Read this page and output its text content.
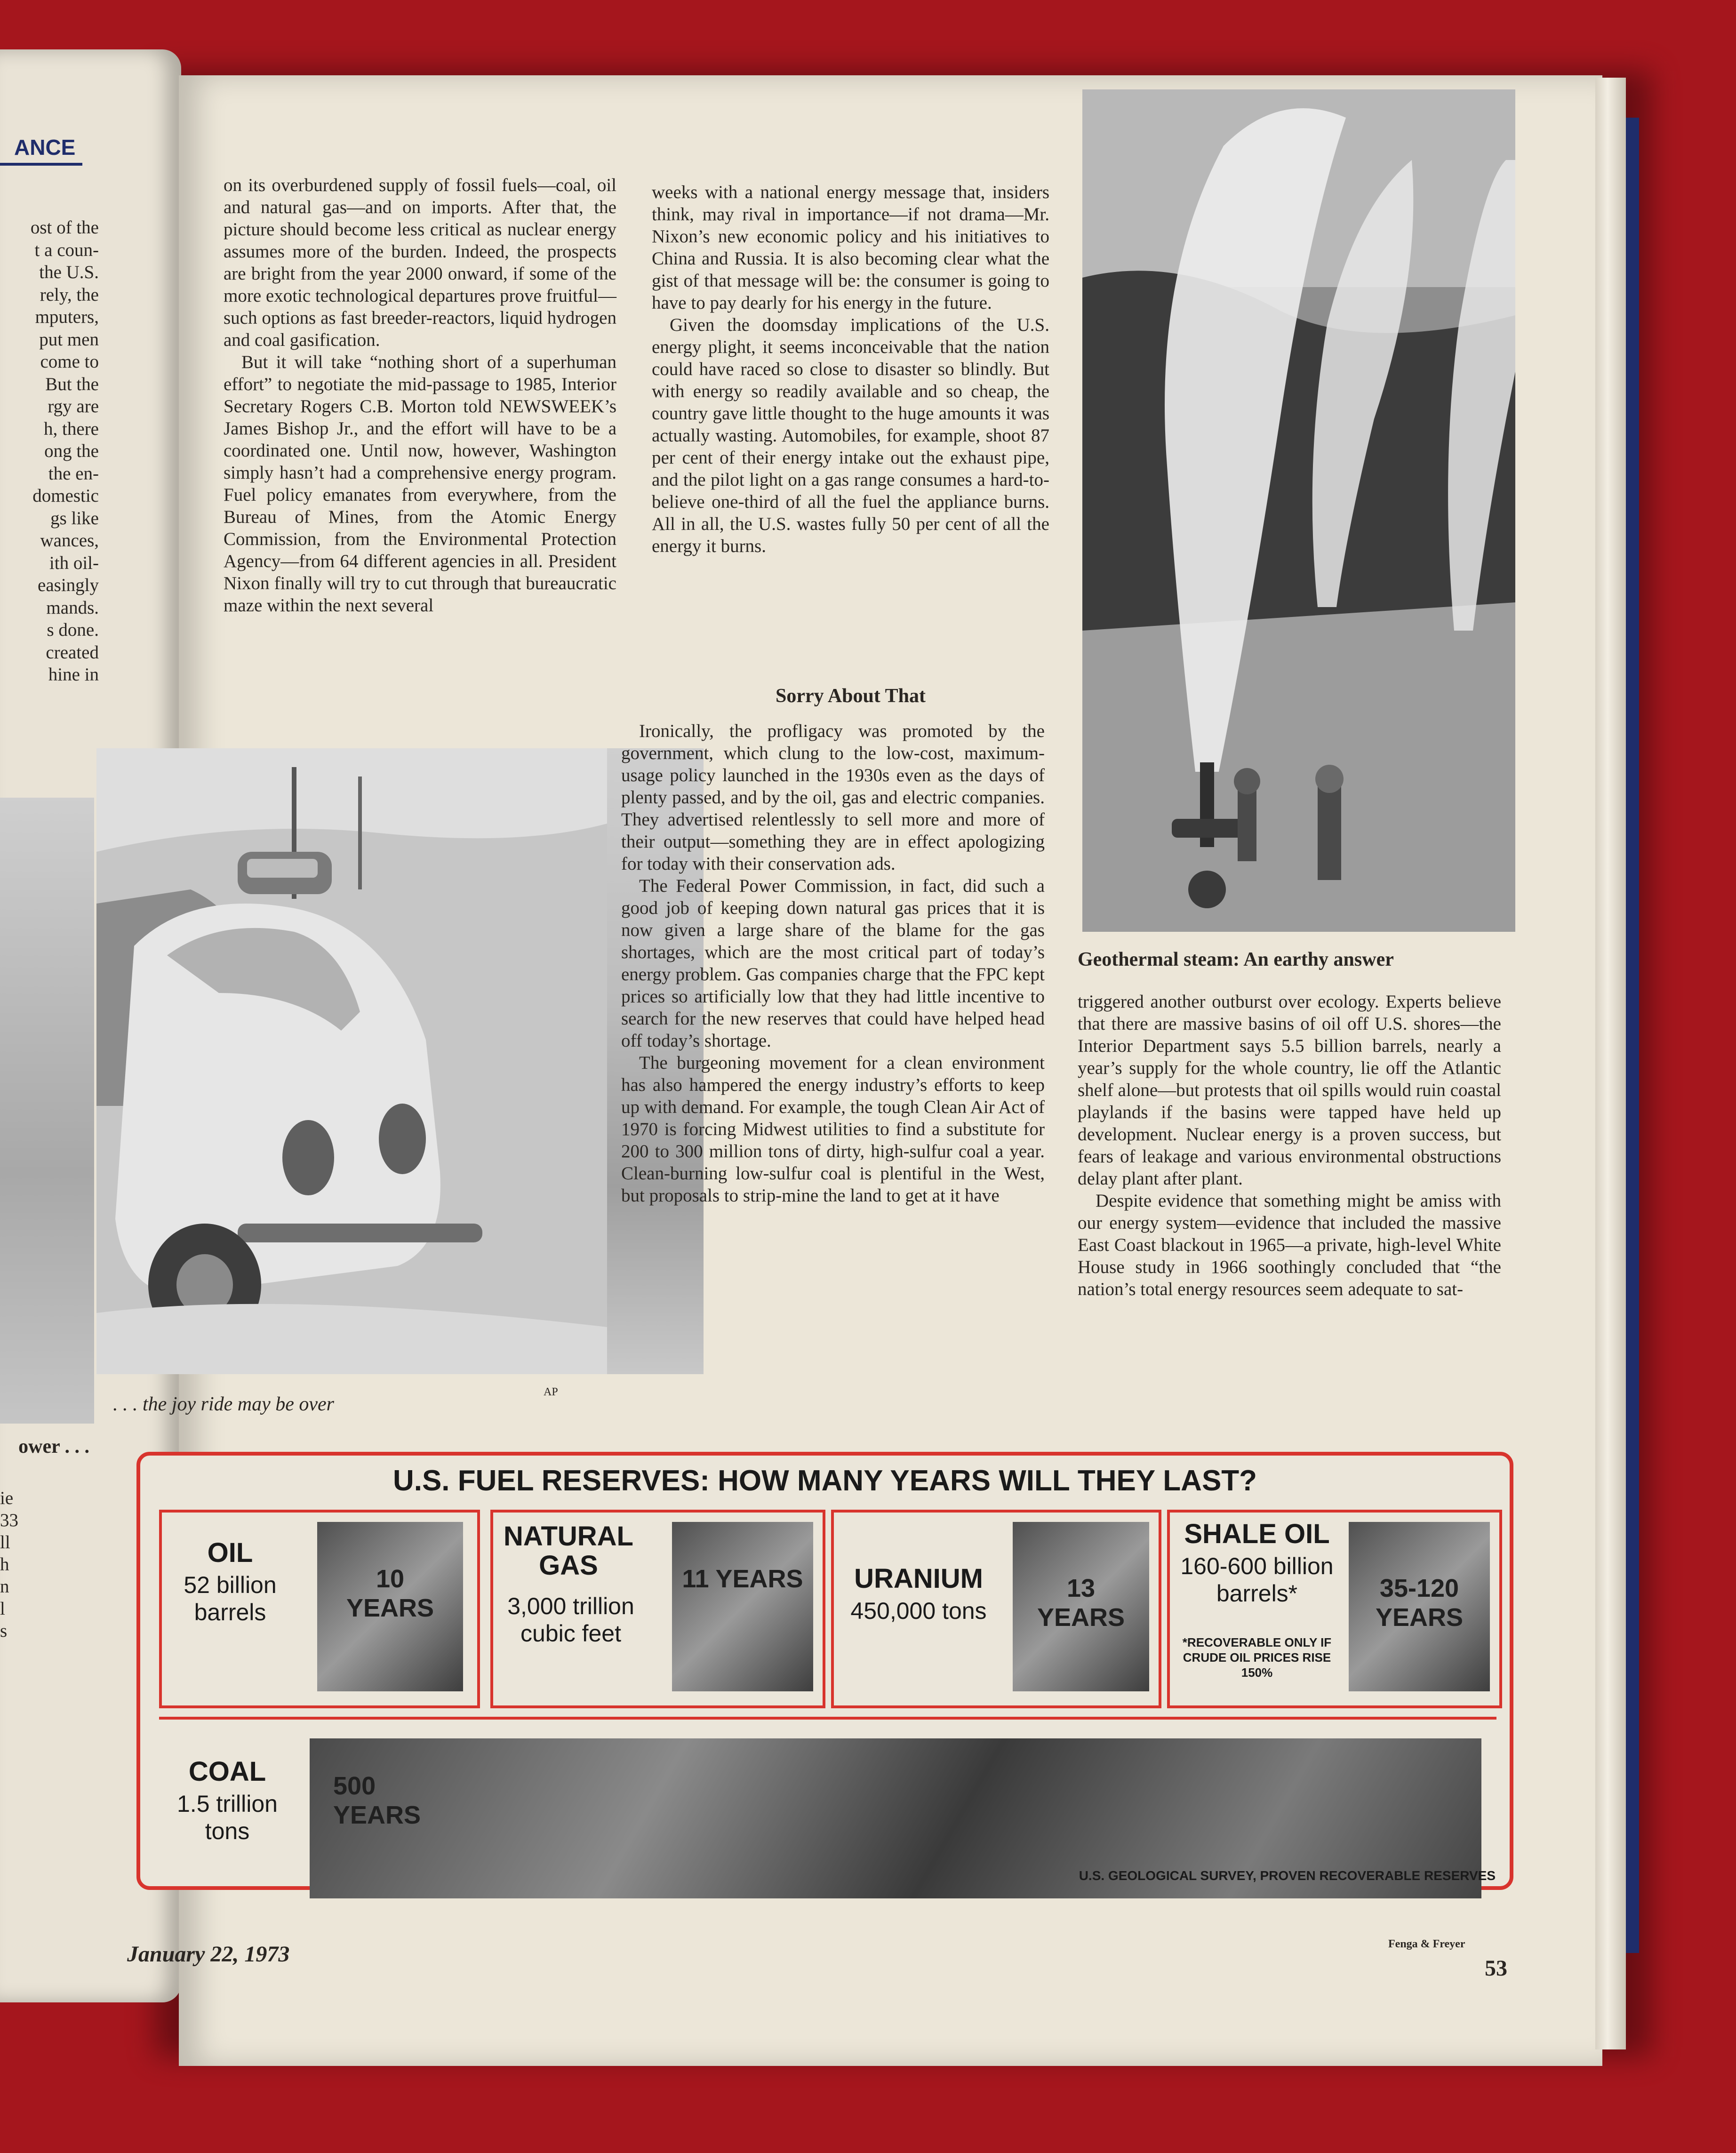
ANCE
ost of the
t a coun-
the U.S.
rely, the
mputers,
put men
come to
But the
rgy are
h, there
ong the
the en-
domestic
gs like
wances,
ith oil-
easingly
mands.
s done.
created
hine in
ower . . .
ie
33
ll
h
n
l
s

on its overburdened supply of fossil fuels—coal, oil and natural gas—and on imports. After that, the picture should become less critical as nuclear energy assumes more of the burden. Indeed, the prospects are bright from the year 2000 onward, if some of the more exotic technological departures prove fruitful—such options as fast breeder-reactors, liquid hydrogen and coal gasification.

But it will take “nothing short of a superhuman effort” to negotiate the mid-passage to 1985, Interior Secretary Rogers C.B. Morton told NEWSWEEK’s James Bishop Jr., and the effort will have to be a coordinated one. Until now, however, Washington simply hasn’t had a comprehensive energy program. Fuel policy emanates from everywhere, from the Bureau of Mines, from the Atomic Energy Commission, from the Environmental Protection Agency—from 64 different agencies in all. President Nixon finally will try to cut through that bureaucratic maze within the next several

. . . the joy ride may be over
AP

weeks with a national energy message that, insiders think, may rival in importance—if not drama—Mr. Nixon’s new economic policy and his initiatives to China and Russia. It is also becoming clear what the gist of that message will be: the consumer is going to have to pay dearly for his energy in the future.

Given the doomsday implications of the U.S. energy plight, it seems inconceivable that the nation could have raced so close to disaster so blindly. But with energy so readily available and so cheap, the country gave little thought to the huge amounts it was actually wasting. Automobiles, for example, shoot 87 per cent of their energy intake out the exhaust pipe, and the pilot light on a gas range consumes a hard-to-believe one-third of all the fuel the appliance burns. All in all, the U.S. wastes fully 50 per cent of all the energy it burns.

Sorry About That

Ironically, the profligacy was promoted by the government, which clung to the low-cost, maximum-usage policy launched in the 1930s even as the days of plenty passed, and by the oil, gas and electric companies. They advertised relentlessly to sell more and more of their output—something they are in effect apologizing for today with their conservation ads.

The Federal Power Commission, in fact, did such a good job of keeping down natural gas prices that it is now given a large share of the blame for the gas shortages, which are the most critical part of today’s energy problem. Gas companies charge that the FPC kept prices so artificially low that they had little incentive to search for the new reserves that could have helped head off today’s shortage.

The burgeoning movement for a clean environment has also hampered the energy industry’s efforts to keep up with demand. For example, the tough Clean Air Act of 1970 is forcing Midwest utilities to find a substitute for 200 to 300 million tons of dirty, high-sulfur coal a year. Clean-burning low-sulfur coal is plentiful in the West, but proposals to strip-mine the land to get at it have

Geothermal steam: An earthy answer

triggered another outburst over ecology. Experts believe that there are massive basins of oil off U.S. shores—the Interior Department says 5.5 billion barrels, nearly a year’s supply for the whole country, lie off the Atlantic shelf alone—but protests that oil spills would ruin coastal playlands if the basins were tapped have held up development. Nuclear energy is a proven success, but fears of leakage and various environmental obstructions delay plant after plant.

Despite evidence that something might be amiss with our energy system—evidence that included the massive East Coast blackout in 1965—a private, high-level White House study in 1966 soothingly concluded that “the nation’s total energy resources seem adequate to sat-

U.S. FUEL RESERVES: HOW MANY YEARS WILL THEY LAST?
OIL
52 billion barrels
10 YEARS
NATURAL GAS
3,000 trillion cubic feet
11 YEARS	URANIUM
450,000 tons
13 YEARS
SHALE OIL
160-600 billion barrels*
*RECOVERABLE ONLY IF CRUDE OIL PRICES RISE 150%
35-120 YEARS
COAL
1.5 trillion tons
500 YEARS
U.S. GEOLOGICAL SURVEY, PROVEN RECOVERABLE RESERVES
January 22, 1973	Fenga & Freyer
53
